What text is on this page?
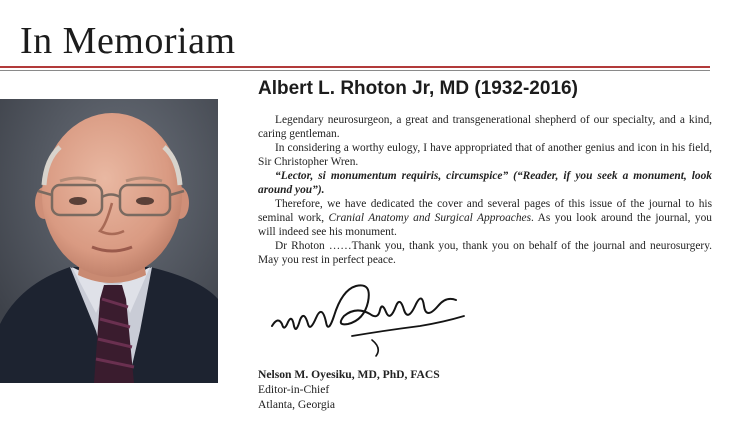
In Memoriam
Albert L. Rhoton Jr, MD (1932-2016)

Legendary neurosurgeon, a great and transgenerational shepherd of our specialty, and a kind, caring gentleman.

In considering a worthy eulogy, I have appropriated that of another genius and icon in his field, Sir Christopher Wren.

“Lector, si monumentum requiris, circumspice” (“Reader, if you seek a monument, look around you”).

Therefore, we have dedicated the cover and several pages of this issue of the journal to his seminal work, Cranial Anatomy and Surgical Approaches. As you look around the journal, you will indeed see his monument.

Dr Rhoton ……Thank you, thank you, thank you on behalf of the journal and neurosurgery. May you rest in perfect peace.

Nelson M. Oyesiku, MD, PhD, FACS
Editor-in-Chief
Atlanta, Georgia
